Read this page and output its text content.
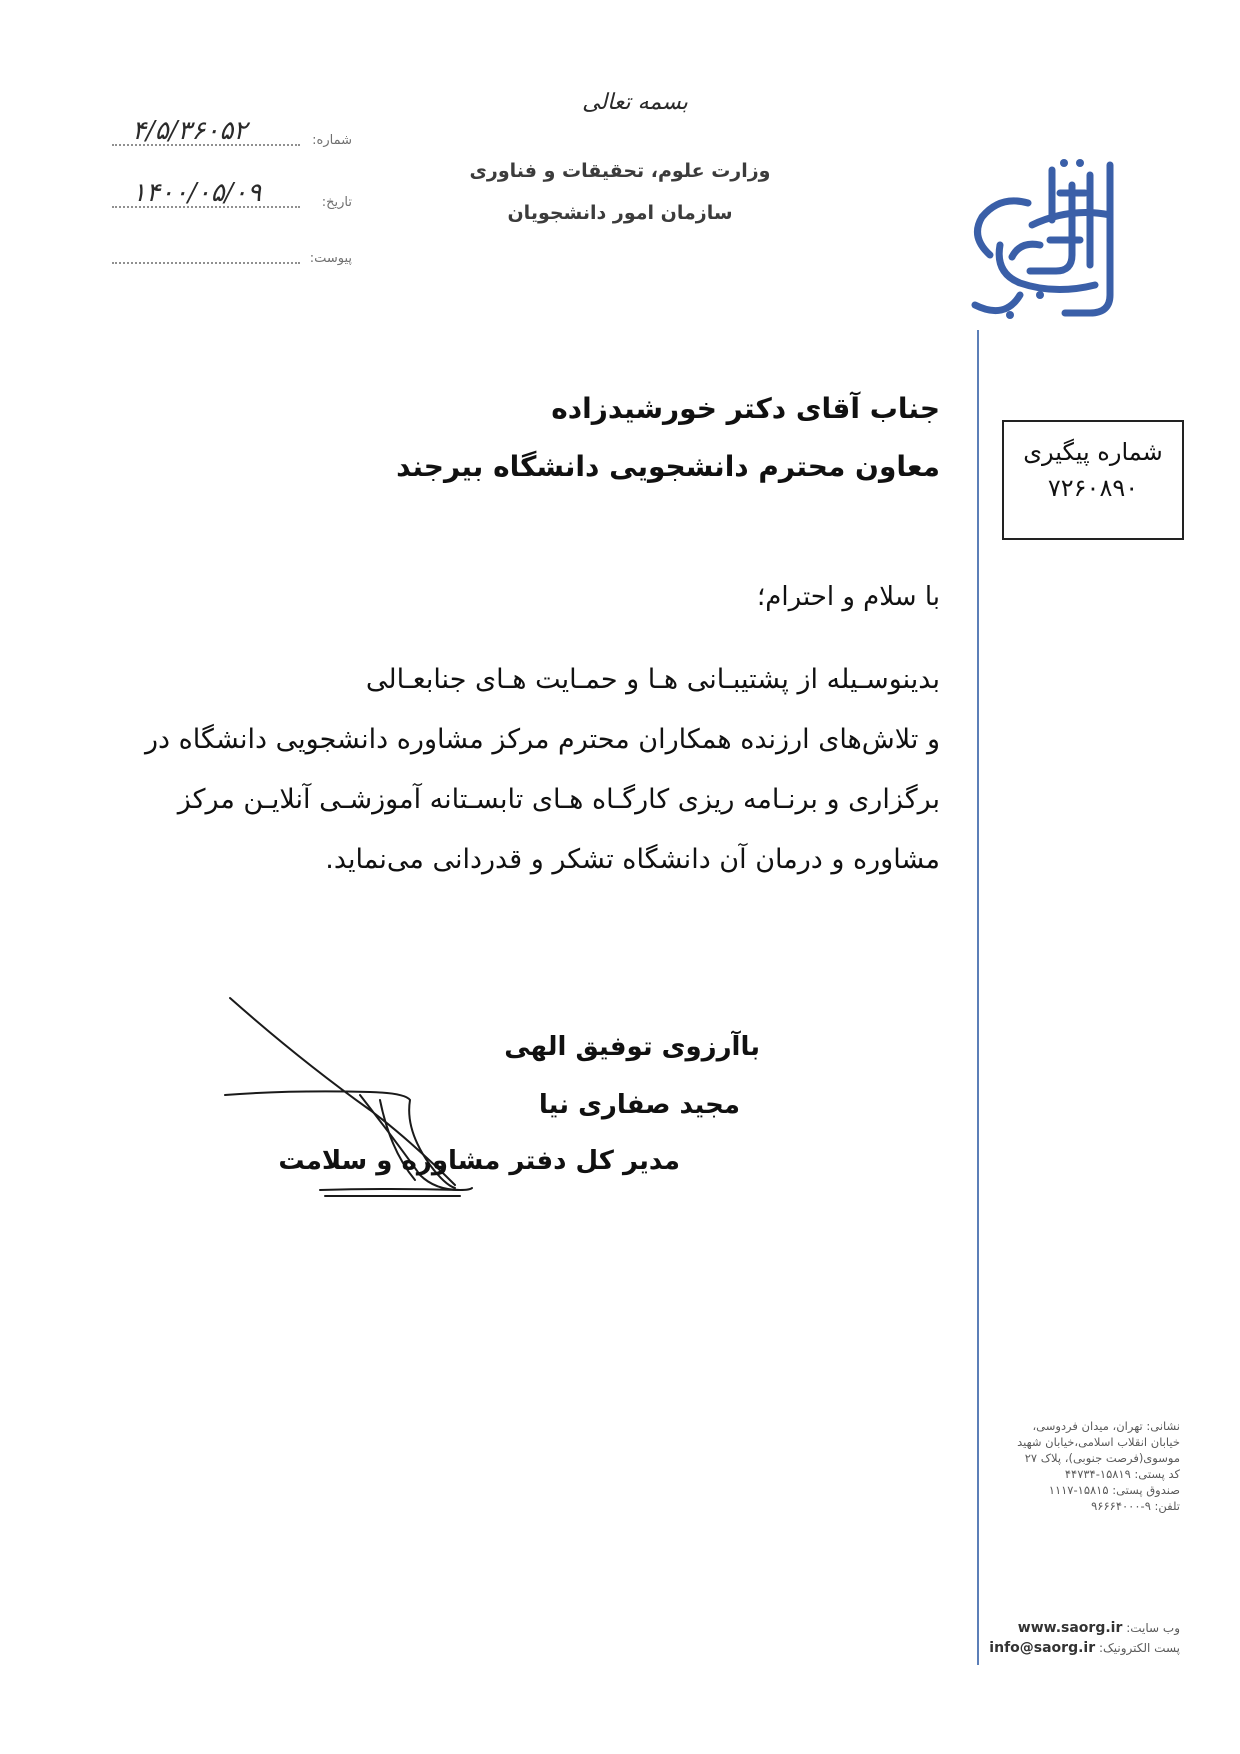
بسمه تعالی
وزارت علوم، تحقیقات و فناوری
سازمان امور دانشجویان
شماره:
۴/۵/۳۶۰۵۲
تاریخ:
۱۴۰۰/۰۵/۰۹
پیوست:
شماره پیگیری
۷۲۶۰۸۹۰
جناب آقای دکتر خورشیدزاده
معاون محترم دانشجویی دانشگاه بیرجند
با سلام و احترام؛
بدینوسـیله از پشتیبـانی هـا و حمـایت هـای جنابعـالی
و تلاش‌های ارزنده همکاران محترم مرکز مشاوره دانشجویی دانشگاه در
برگزاری و برنـامه ریزی کارگـاه هـای تابسـتانه آموزشـی آنلایـن مرکز
مشاوره و درمان آن دانشگاه تشکر و قدردانی می‌نماید.
باآرزوی توفیق الهی
مجید صفاری نیا
مدیر کل دفتر مشاوره و سلامت
نشانی: تهران، میدان فردوسی،
خیابان انقلاب اسلامی،خیابان شهید
موسوی(فرصت جنوبی)، پلاک ۲۷
کد پستی: ۱۵۸۱۹-۴۴۷۳۴
صندوق پستی: ۱۵۸۱۵-۱۱۱۷
تلفن: ۹-۹۶۶۶۴۰۰۰
وب سایت: www.saorg.ir
پست الکترونیک: info@saorg.ir
